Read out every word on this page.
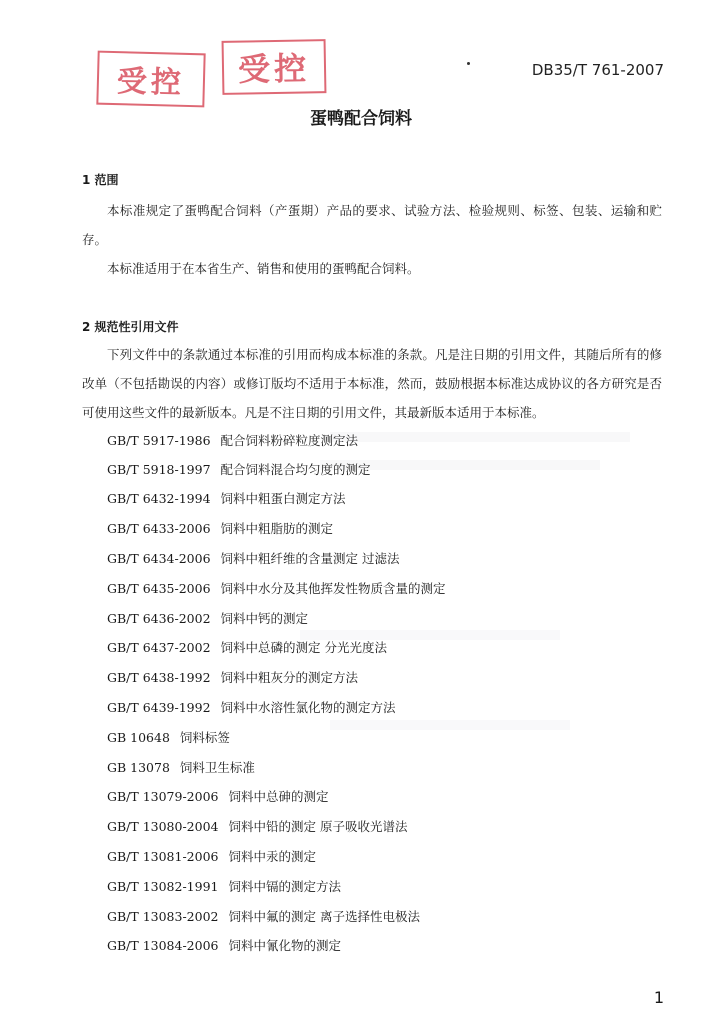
受控	受控	DB35/T 761-2007
蛋鸭配合饲料
1 范围
本标准规定了蛋鸭配合饲料（产蛋期）产品的要求、试验方法、检验规则、标签、包装、运输和贮存。
本标准适用于在本省生产、销售和使用的蛋鸭配合饲料。
2 规范性引用文件
下列文件中的条款通过本标准的引用而构成本标准的条款。凡是注日期的引用文件，其随后所有的修改单（不包括勘误的内容）或修订版均不适用于本标准，然而，鼓励根据本标准达成协议的各方研究是否可使用这些文件的最新版本。凡是不注日期的引用文件，其最新版本适用于本标准。
GB/T 5917-1986 配合饲料粉碎粒度测定法
GB/T 5918-1997 配合饲料混合均匀度的测定
GB/T 6432-1994 饲料中粗蛋白测定方法
GB/T 6433-2006 饲料中粗脂肪的测定
GB/T 6434-2006 饲料中粗纤维的含量测定 过滤法
GB/T 6435-2006 饲料中水分及其他挥发性物质含量的测定
GB/T 6436-2002 饲料中钙的测定
GB/T 6437-2002 饲料中总磷的测定 分光光度法
GB/T 6438-1992 饲料中粗灰分的测定方法
GB/T 6439-1992 饲料中水溶性氯化物的测定方法
GB 10648 饲料标签
GB 13078 饲料卫生标准
GB/T 13079-2006 饲料中总砷的测定
GB/T 13080-2004 饲料中铅的测定 原子吸收光谱法
GB/T 13081-2006 饲料中汞的测定
GB/T 13082-1991 饲料中镉的测定方法
GB/T 13083-2002 饲料中氟的测定 离子选择性电极法
GB/T 13084-2006 饲料中氰化物的测定
1
